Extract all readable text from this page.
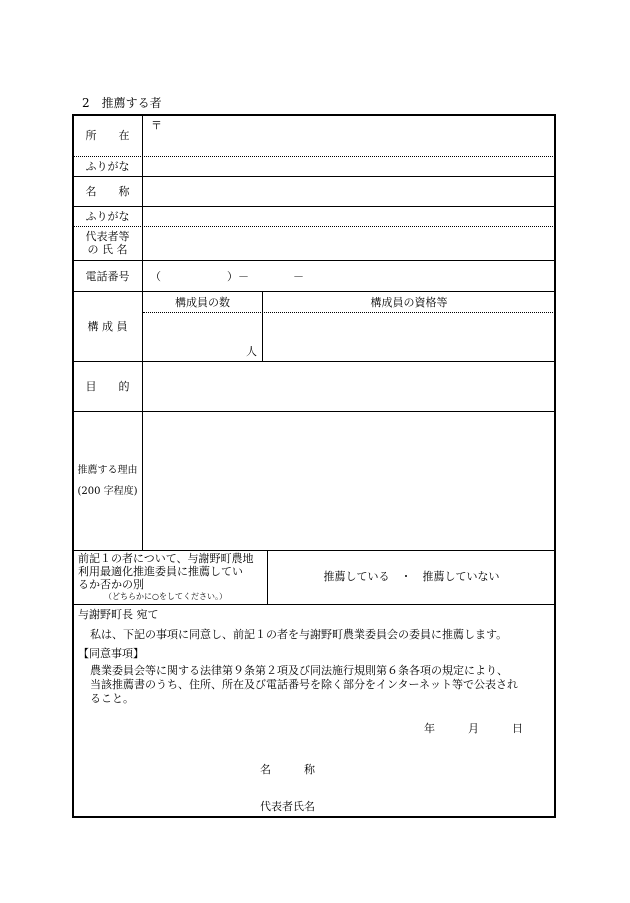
2　推薦する者
所　　在
〒
ふりがな
名　　称
ふりがな
代表者等
の 氏 名
電話番号	（　　　　　　）－　　　　－
構 成 員
構成員の数	構成員の資格等
人
目　　的
推薦する理由
(200 字程度)
前記１の者について、与謝野町農地
利用最適化推進委員に推薦してい
るか否かの別
（どちらかに○をしてください。）
推薦している　・　推薦していない
与謝野町長 宛て
私は、下記の事項に同意し、前記１の者を与謝野町農業委員会の委員に推薦します。
【同意事項】
農業委員会等に関する法律第９条第２項及び同法施行規則第６条各項の規定により、
当該推薦書のうち、住所、所在及び電話番号を除く部分をインターネット等で公表され
ること。
年　　　月　　　日
名　　　称
代表者氏名
